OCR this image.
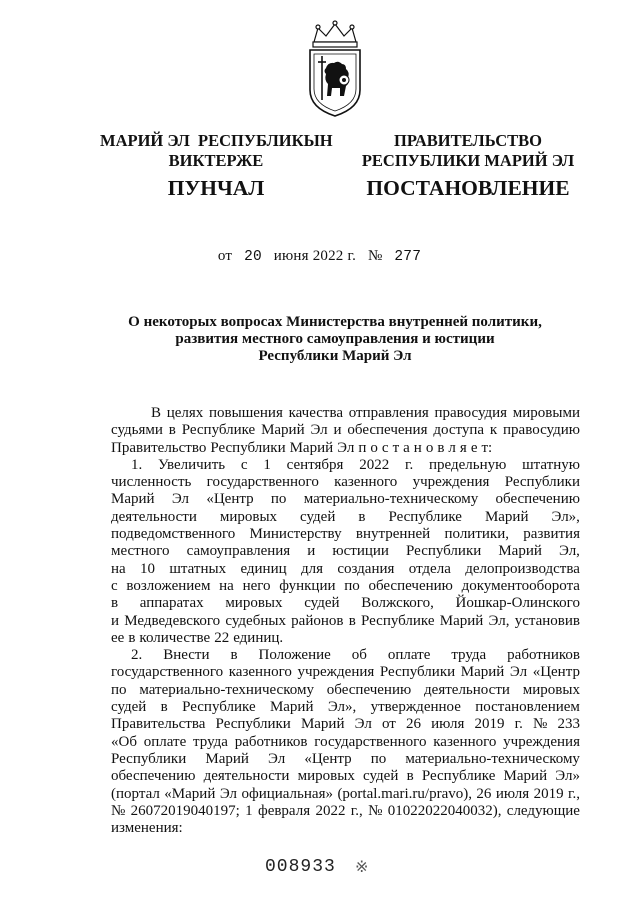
МАРИЙ ЭЛ  РЕСПУБЛИКЫН
ВИКТЕРЖЕ
ПРАВИТЕЛЬСТВО
РЕСПУБЛИКИ МАРИЙ ЭЛ
ПУНЧАЛ	ПОСТАНОВЛЕНИЕ
от 20 июня 2022 г. № 277
О некоторых вопросах Министерства внутренней политики,
развития местного самоуправления и юстиции
Республики Марий Эл
В целях повышения качества отправления правосудия мировыми
судьями в Республике Марий Эл и обеспечения доступа к правосудию
Правительство Республики Марий Эл п о с т а н о в л я е т:
1. Увеличить с 1 сентября 2022 г. предельную штатную
численность государственного казенного учреждения Республики
Марий Эл «Центр по материально-техническому обеспечению
деятельности мировых судей в Республике Марий Эл»,
подведомственного Министерству внутренней политики, развития
местного самоуправления и юстиции Республики Марий Эл,
на 10 штатных единиц для создания отдела делопроизводства
с возложением на него функции по обеспечению документооборота
в аппаратах мировых судей Волжского, Йошкар-Олинского
и Медведевского судебных районов в Республике Марий Эл, установив
ее в количестве 22 единиц.
2. Внести в Положение об оплате труда работников
государственного казенного учреждения Республики Марий Эл «Центр
по материально-техническому обеспечению деятельности мировых
судей в Республике Марий Эл», утвержденное постановлением
Правительства Республики Марий Эл от 26 июля 2019 г. № 233
«Об оплате труда работников государственного казенного учреждения
Республики Марий Эл «Центр по материально-техническому
обеспечению деятельности мировых судей в Республике Марий Эл»
(портал «Марий Эл официальная» (portal.mari.ru/pravo), 26 июля 2019 г.,
№ 26072019040197; 1 февраля 2022 г., № 01022022040032), следующие
изменения:
008933 ※
